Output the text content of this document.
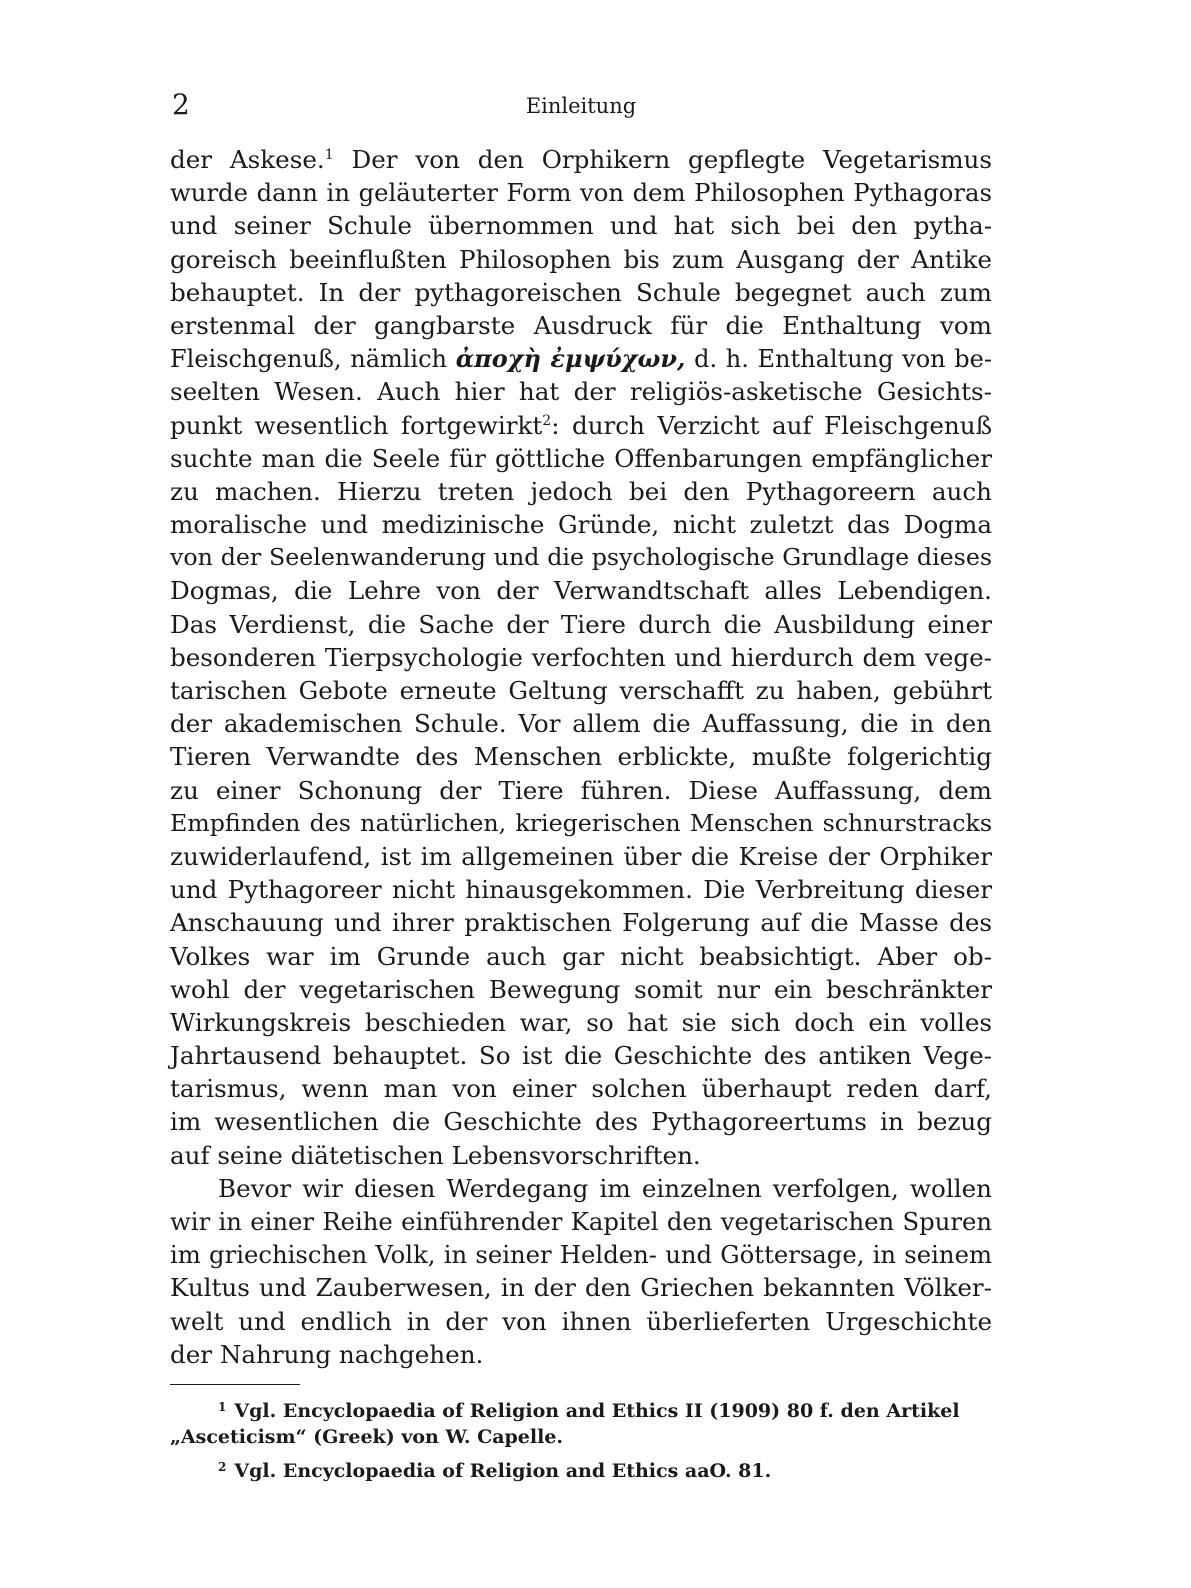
2	Einleitung
der Askese.$^1$ Der von den Orphikern gepflegte Vegetarismus
wurde dann in geläuterter Form von dem Philosophen Pythagoras
und seiner Schule übernommen und hat sich bei den pytha-
goreisch beeinflußten Philosophen bis zum Ausgang der Antike
behauptet. In der pythagoreischen Schule begegnet auch zum
erstenmal der gangbarste Ausdruck für die Enthaltung vom
Fleischgenuß, nämlich ἀποχὴ ἐμψύχων, d. h. Enthaltung von be-
seelten Wesen. Auch hier hat der religiös-asketische Gesichts-
punkt wesentlich fortgewirkt$^2$: durch Verzicht auf Fleischgenuß
suchte man die Seele für göttliche Offenbarungen empfänglicher
zu machen. Hierzu treten jedoch bei den Pythagoreern auch
moralische und medizinische Gründe, nicht zuletzt das Dogma
von der Seelenwanderung und die psychologische Grundlage dieses
Dogmas, die Lehre von der Verwandtschaft alles Lebendigen.
Das Verdienst, die Sache der Tiere durch die Ausbildung einer
besonderen Tierpsychologie verfochten und hierdurch dem vege-
tarischen Gebote erneute Geltung verschafft zu haben, gebührt
der akademischen Schule. Vor allem die Auffassung, die in den
Tieren Verwandte des Menschen erblickte, mußte folgerichtig
zu einer Schonung der Tiere führen. Diese Auffassung, dem
Empfinden des natürlichen, kriegerischen Menschen schnurstracks
zuwiderlaufend, ist im allgemeinen über die Kreise der Orphiker
und Pythagoreer nicht hinausgekommen. Die Verbreitung dieser
Anschauung und ihrer praktischen Folgerung auf die Masse des
Volkes war im Grunde auch gar nicht beabsichtigt. Aber ob-
wohl der vegetarischen Bewegung somit nur ein beschränkter
Wirkungskreis beschieden war, so hat sie sich doch ein volles
Jahrtausend behauptet. So ist die Geschichte des antiken Vege-
tarismus, wenn man von einer solchen überhaupt reden darf,
im wesentlichen die Geschichte des Pythagoreertums in bezug
auf seine diätetischen Lebensvorschriften.
Bevor wir diesen Werdegang im einzelnen verfolgen, wollen
wir in einer Reihe einführender Kapitel den vegetarischen Spuren
im griechischen Volk, in seiner Helden- und Göttersage, in seinem
Kultus und Zauberwesen, in der den Griechen bekannten Völker-
welt und endlich in der von ihnen überlieferten Urgeschichte
der Nahrung nachgehen.
$^1$ Vgl. Encyclopaedia of Religion and Ethics II (1909) 80 f. den Artikel
„Asceticism“ (Greek) von W. Capelle.
$^2$ Vgl. Encyclopaedia of Religion and Ethics aaO. 81.
